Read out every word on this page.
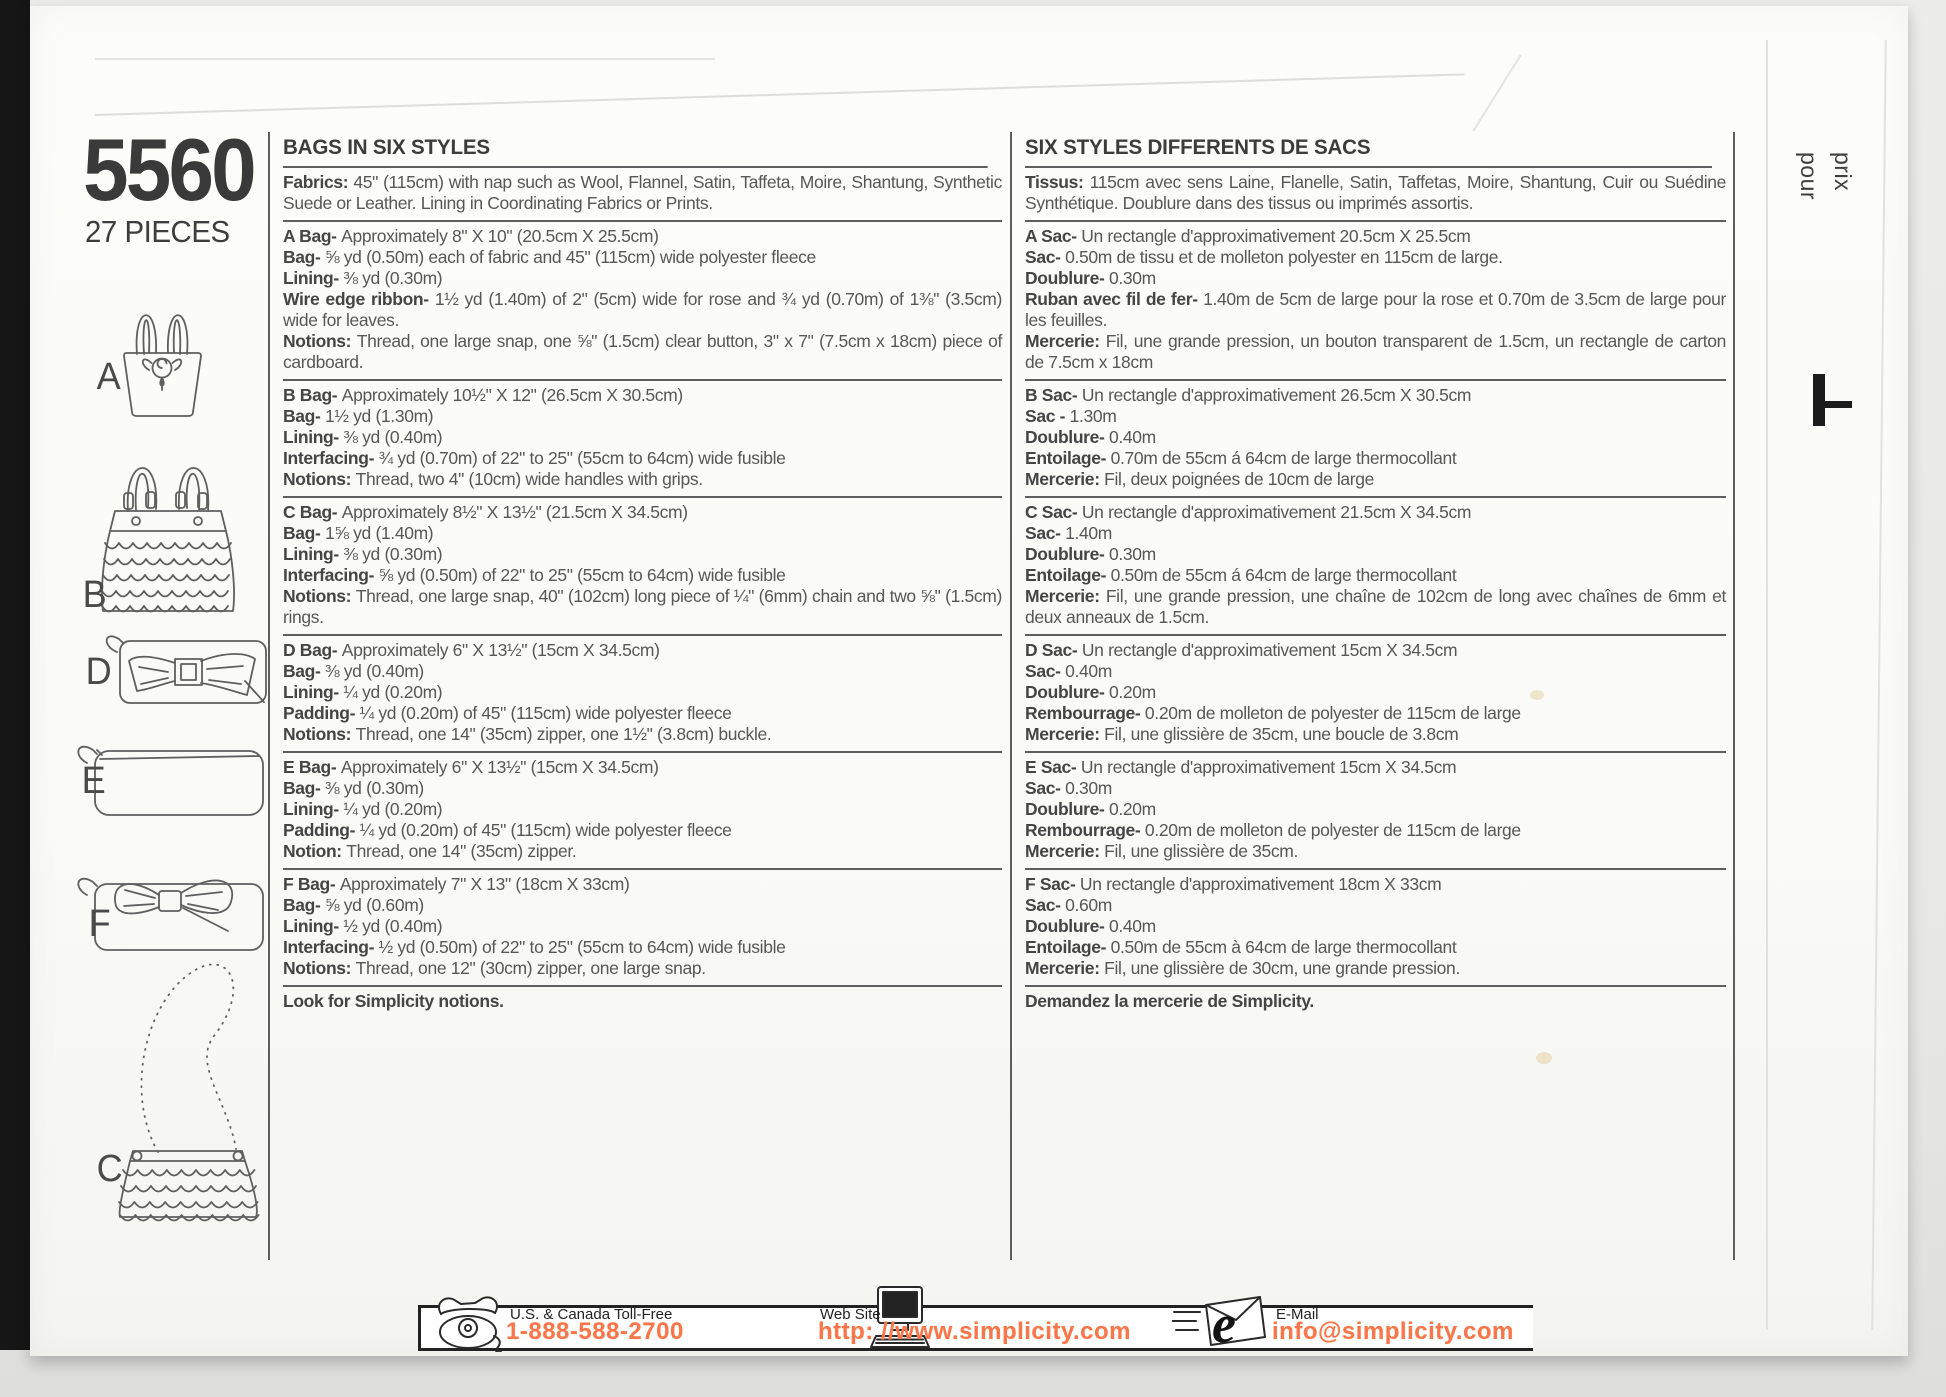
5560
27 PIECES
A
B
D
E
F
C
BAGS IN SIX STYLES

Fabrics: 45" (115cm) with nap such as Wool, Flannel, Satin, Taffeta, Moire, Shantung, Synthetic Suede or Leather. Lining in Coordinating Fabrics or Prints.

A Bag- Approximately 8" X 10" (20.5cm X 25.5cm)

Bag- ⅝ yd (0.50m) each of fabric and 45" (115cm) wide polyester fleece

Lining- ⅜ yd (0.30m)

Wire edge ribbon- 1½ yd (1.40m) of 2" (5cm) wide for rose and ¾ yd (0.70m) of 1⅜" (3.5cm) wide for leaves.

Notions: Thread, one large snap, one ⅝" (1.5cm) clear button, 3" x 7" (7.5cm x 18cm) piece of cardboard.

B Bag- Approximately 10½" X 12" (26.5cm X 30.5cm)

Bag- 1½ yd (1.30m)

Lining- ⅜ yd (0.40m)

Interfacing- ¾ yd (0.70m) of 22" to 25" (55cm to 64cm) wide fusible

Notions: Thread, two 4" (10cm) wide handles with grips.

C Bag- Approximately 8½" X 13½" (21.5cm X 34.5cm)

Bag- 1⅝ yd (1.40m)

Lining- ⅜ yd (0.30m)

Interfacing- ⅝ yd (0.50m) of 22" to 25" (55cm to 64cm) wide fusible

Notions: Thread, one large snap, 40" (102cm) long piece of ¼" (6mm) chain and two ⅝" (1.5cm) rings.

D Bag- Approximately 6" X 13½" (15cm X 34.5cm)

Bag- ⅜ yd (0.40m)

Lining- ¼ yd (0.20m)

Padding- ¼ yd (0.20m) of 45" (115cm) wide polyester fleece

Notions: Thread, one 14" (35cm) zipper, one 1½" (3.8cm) buckle.

E Bag- Approximately 6" X 13½" (15cm X 34.5cm)

Bag- ⅜ yd (0.30m)

Lining- ¼ yd (0.20m)

Padding- ¼ yd (0.20m) of 45" (115cm) wide polyester fleece

Notion: Thread, one 14" (35cm) zipper.

F Bag- Approximately 7" X 13" (18cm X 33cm)

Bag- ⅝ yd (0.60m)

Lining- ½ yd (0.40m)

Interfacing- ½ yd (0.50m) of 22" to 25" (55cm to 64cm) wide fusible

Notions: Thread, one 12" (30cm) zipper, one large snap.

Look for Simplicity notions.

SIX STYLES DIFFERENTS DE SACS

Tissus: 115cm avec sens Laine, Flanelle, Satin, Taffetas, Moire, Shantung, Cuir ou Suédine Synthétique. Doublure dans des tissus ou imprimés assortis.

A Sac- Un rectangle d'approximativement 20.5cm X 25.5cm

Sac- 0.50m de tissu et de molleton polyester en 115cm de large.

Doublure- 0.30m

Ruban avec fil de fer- 1.40m de 5cm de large pour la rose et 0.70m de 3.5cm de large pour les feuilles.

Mercerie: Fil, une grande pression, un bouton transparent de 1.5cm, un rectangle de carton de 7.5cm x 18cm

B Sac- Un rectangle d'approximativement 26.5cm X 30.5cm

Sac - 1.30m

Doublure- 0.40m

Entoilage- 0.70m de 55cm á 64cm de large thermocollant

Mercerie: Fil, deux poignées de 10cm de large

C Sac- Un rectangle d'approximativement 21.5cm X 34.5cm

Sac- 1.40m

Doublure- 0.30m

Entoilage- 0.50m de 55cm á 64cm de large thermocollant

Mercerie: Fil, une grande pression, une chaîne de 102cm de long avec chaînes de 6mm et deux anneaux de 1.5cm.

D Sac- Un rectangle d'approximativement 15cm X 34.5cm

Sac- 0.40m

Doublure- 0.20m

Rembourrage- 0.20m de molleton de polyester de 115cm de large

Mercerie: Fil, une glissière de 35cm, une boucle de 3.8cm

E Sac- Un rectangle d'approximativement 15cm X 34.5cm

Sac- 0.30m

Doublure- 0.20m

Rembourrage- 0.20m de molleton de polyester de 115cm de large

Mercerie: Fil, une glissière de 35cm.

F Sac- Un rectangle d'approximativement 18cm X 33cm

Sac- 0.60m

Doublure- 0.40m

Entoilage- 0.50m de 55cm à 64cm de large thermocollant

Mercerie: Fil, une glissière de 30cm, une grande pression.

Demandez la mercerie de Simplicity.

pour prix
e
U.S. & Canada Toll-Free
1-888-588-2700
Web Site
http: //www.simplicity.com
E-Mail
info@simplicity.com
